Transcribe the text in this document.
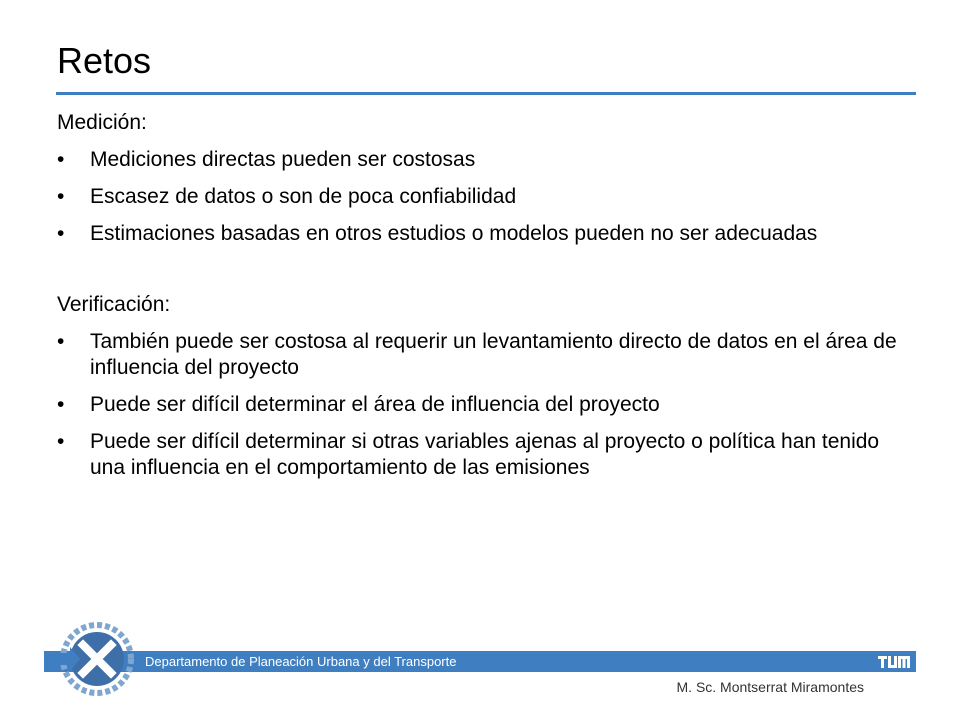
Retos

Medición:

• Mediciones directas pueden ser costosas
• Escasez de datos o son de poca confiabilidad
• Estimaciones basadas en otros estudios o modelos pueden no ser adecuadas

Verificación:

• También puede ser costosa al requerir un levantamiento directo de datos en el área de influencia del proyecto
• Puede ser difícil determinar el área de influencia del proyecto
• Puede ser difícil determinar si otras variables ajenas al proyecto o política han tenido una influencia en el comportamiento de las emisiones
Departamento de Planeación Urbana y del Transporte
M. Sc. Montserrat Miramontes
